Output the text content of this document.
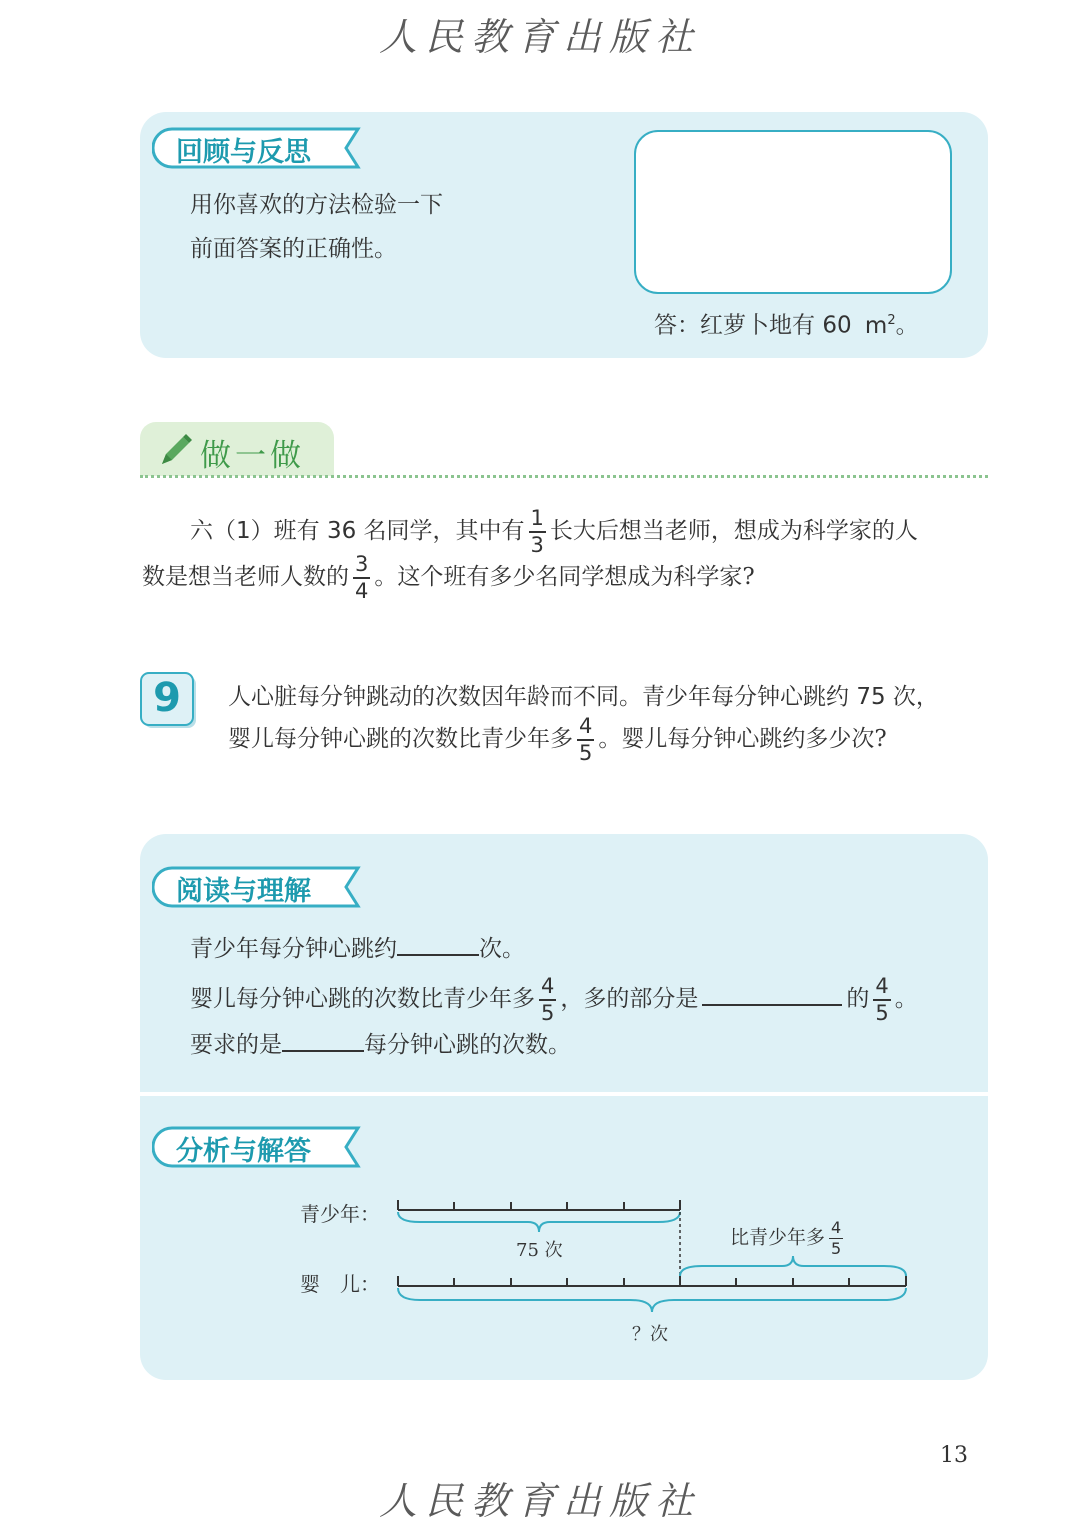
人民教育出版社
回顾与反思
用你喜欢的方法检验一下
前面答案的正确性。
答：红萝卜地有 60 $m^2$。
做一做
六（1）班有 36 名同学，其中有 $\frac{1}{3}$ 长大后想当老师，想成为科学家的人
数是想当老师人数的 $\frac{3}{4}$ 。这个班有多少名同学想成为科学家?
9	人心脏每分钟跳动的次数因年龄而不同。青少年每分钟心跳约 75 次，
婴儿每分钟心跳的次数比青少年多 $\frac{4}{5}$ 。婴儿每分钟心跳约多少次?
阅读与理解
青少年每分钟心跳约	次。
婴儿每分钟心跳的次数比青少年多 $\frac{4}{5}$ ，多的部分是	的 $\frac{4}{5}$ 。
要求的是	每分钟心跳的次数。
分析与解答
青少年：
婴　儿：
75 次
比青少年多 $\frac{4}{5}$
？次
13
人民教育出版社
